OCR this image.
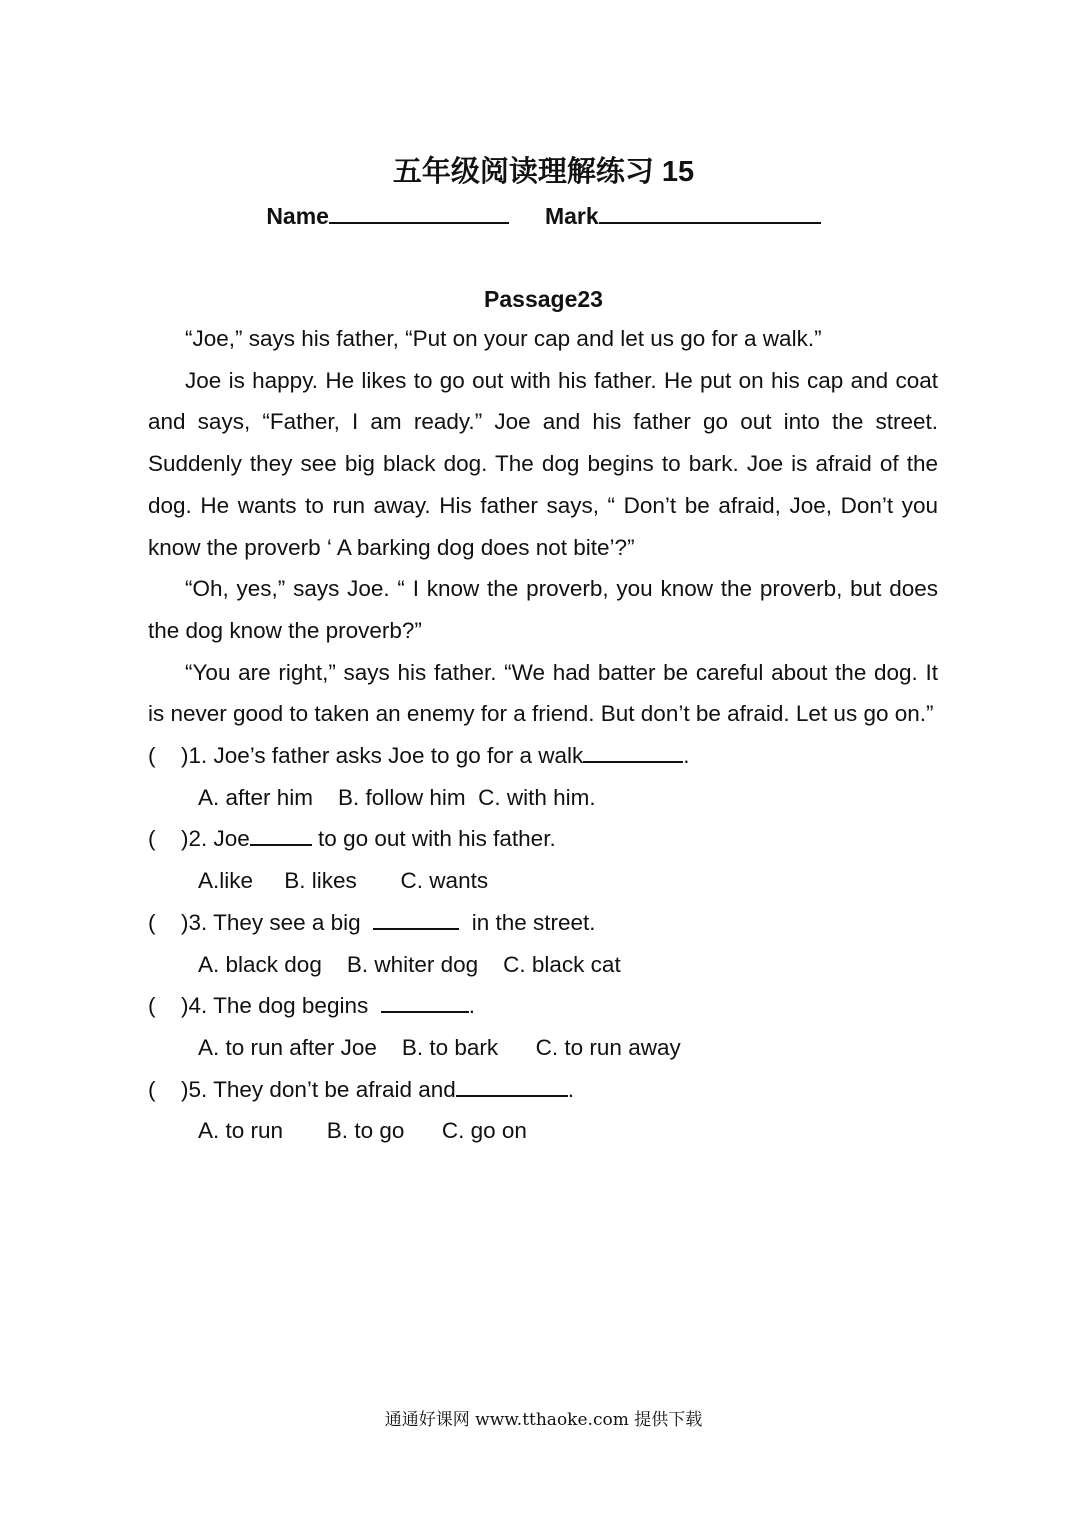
五年级阅读理解练习 15
Name	Mark
Passage23

“Joe,” says his father, “Put on your cap and let us go for a walk.”

Joe is happy. He likes to go out with his father. He put on his cap and coat and says, “Father, I am ready.” Joe and his father go out into the street. Suddenly they see big black dog. The dog begins to bark. Joe is afraid of the dog. He wants to run away. His father says, “ Don’t be afraid, Joe, Don’t you know the proverb ‘ A barking dog does not bite’?”

“Oh, yes,” says Joe. “ I know the proverb, you know the proverb, but does the dog know the proverb?”

“You are right,” says his father. “We had batter be careful about the dog. It is never good to taken an enemy for a friend. But don’t be afraid. Let us go on.”

( )1. Joe’s father asks Joe to go for a walk	.

A. after him    B. follow him  C. with him.

( )2. Joe	to go out with his father.

A.like     B. likes       C. wants

( )3. They see a big	in the street.

A. black dog    B. whiter dog    C. black cat

( )4. The dog begins	.

A. to run after Joe    B. to bark      C. to run away

( )5. They don’t be afraid and	.

A. to run       B. to go      C. go on

通通好课网 www.tthaoke.com 提供下载
